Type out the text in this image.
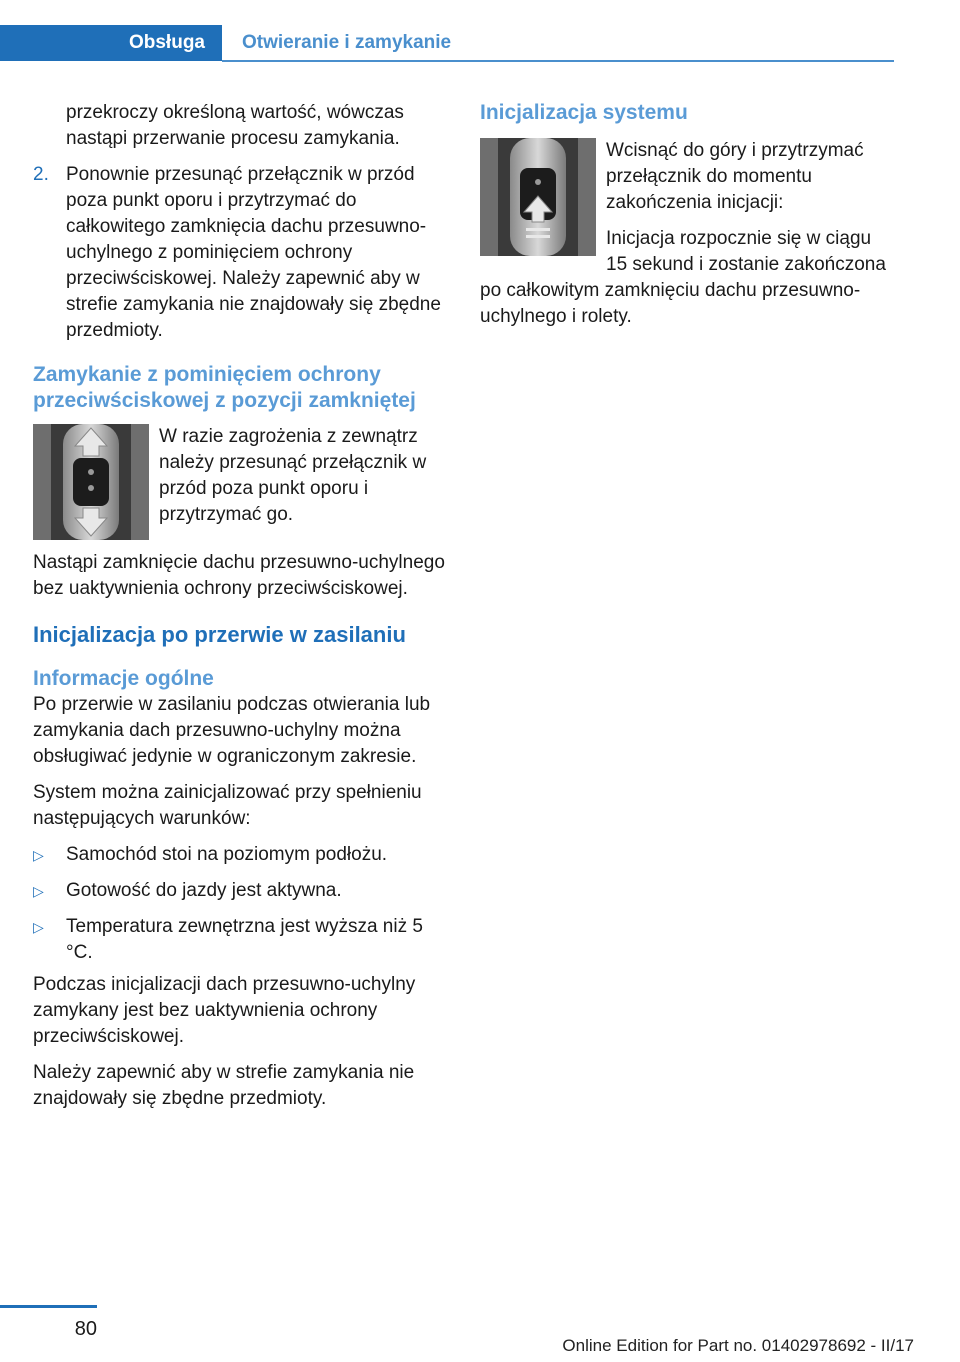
Obsługa	Otwieranie i zamykanie

przekroczy określoną wartość, wówczas nastąpi przerwanie procesu zamykania.

2. Ponownie przesunąć przełącznik w przód poza punkt oporu i przytrzymać do całkowitego zamknięcia dachu przesuwno-uchylnego z pominięciem ochrony przeciwściskowej. Należy zapewnić aby w strefie zamykania nie znajdowały się zbędne przedmioty.
Zamykanie z pominięciem ochrony przeciwściskowej z pozycji zamkniętej

W razie zagrożenia z zewnątrz należy przesunąć przełącznik w przód poza punkt oporu i przytrzymać go.

Nastąpi zamknięcie dachu przesuwno-uchylnego bez uaktywnienia ochrony przeciwściskowej.

Inicjalizacja po przerwie w zasilaniu
Informacje ogólne

Po przerwie w zasilaniu podczas otwierania lub zamykania dach przesuwno-uchylny można obsługiwać jedynie w ograniczonym zakresie.

System można zainicjalizować przy spełnieniu następujących warunków:

▷ Samochód stoi na poziomym podłożu.
▷ Gotowość do jazdy jest aktywna.
▷ Temperatura zewnętrzna jest wyższa niż 5 °C.

Podczas inicjalizacji dach przesuwno-uchylny zamykany jest bez uaktywnienia ochrony przeciwściskowej.

Należy zapewnić aby w strefie zamykania nie znajdowały się zbędne przedmioty.

Inicjalizacja systemu

Wcisnąć do góry i przytrzymać przełącznik do momentu zakończenia inicjacji:

Inicjacja rozpocznie się w ciągu 15 sekund i zostanie zakończona po całkowitym zamknięciu dachu przesuwno-uchylnego i rolety.

80
Online Edition for Part no. 01402978692 - II/17
